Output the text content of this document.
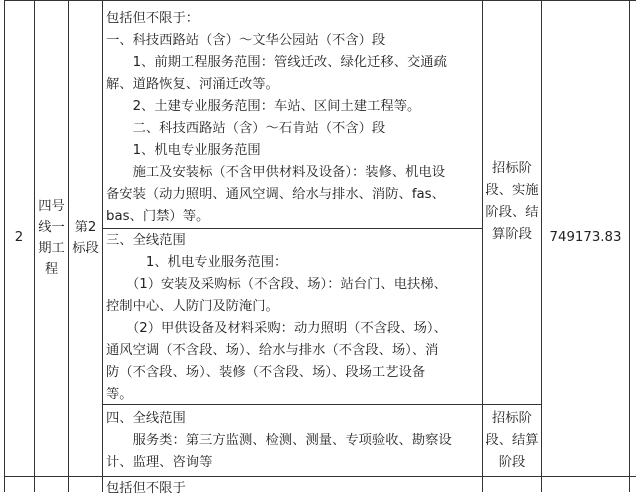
2
四号线一期工程
第2标段
包括但不限于：
一、科技西路站（含）～文华公园站（不含）段
　　1、前期工程服务范围：管线迁改、绿化迁移、交通疏
解、道路恢复、河涌迁改等。
　　2、土建专业服务范围：车站、区间土建工程等。
　　二、科技西路站（含）～石肯站（不含）段
　　1、机电专业服务范围
　　施工及安装标（不含甲供材料及设备）：装修、机电设
备安装（动力照明、通风空调、给水与排水、消防、fas、
bas、门禁）等。
三、全线范围
　　　1、机电专业服务范围：
　　（1）安装及采购标（不含段、场）：站台门、电扶梯、
控制中心、人防门及防淹门。
　　（2）甲供设备及材料采购：动力照明（不含段、场）、
通风空调（不含段、场）、给水与排水（不含段、场）、消
防（不含段、场）、装修（不含段、场）、段场工艺设备
等。
四、全线范围
　　服务类：第三方监测、检测、测量、专项验收、勘察设
计、监理、咨询等
招标阶段、实施阶段、结算阶段
招标阶段、结算阶段
749173.83
包括但不限于
